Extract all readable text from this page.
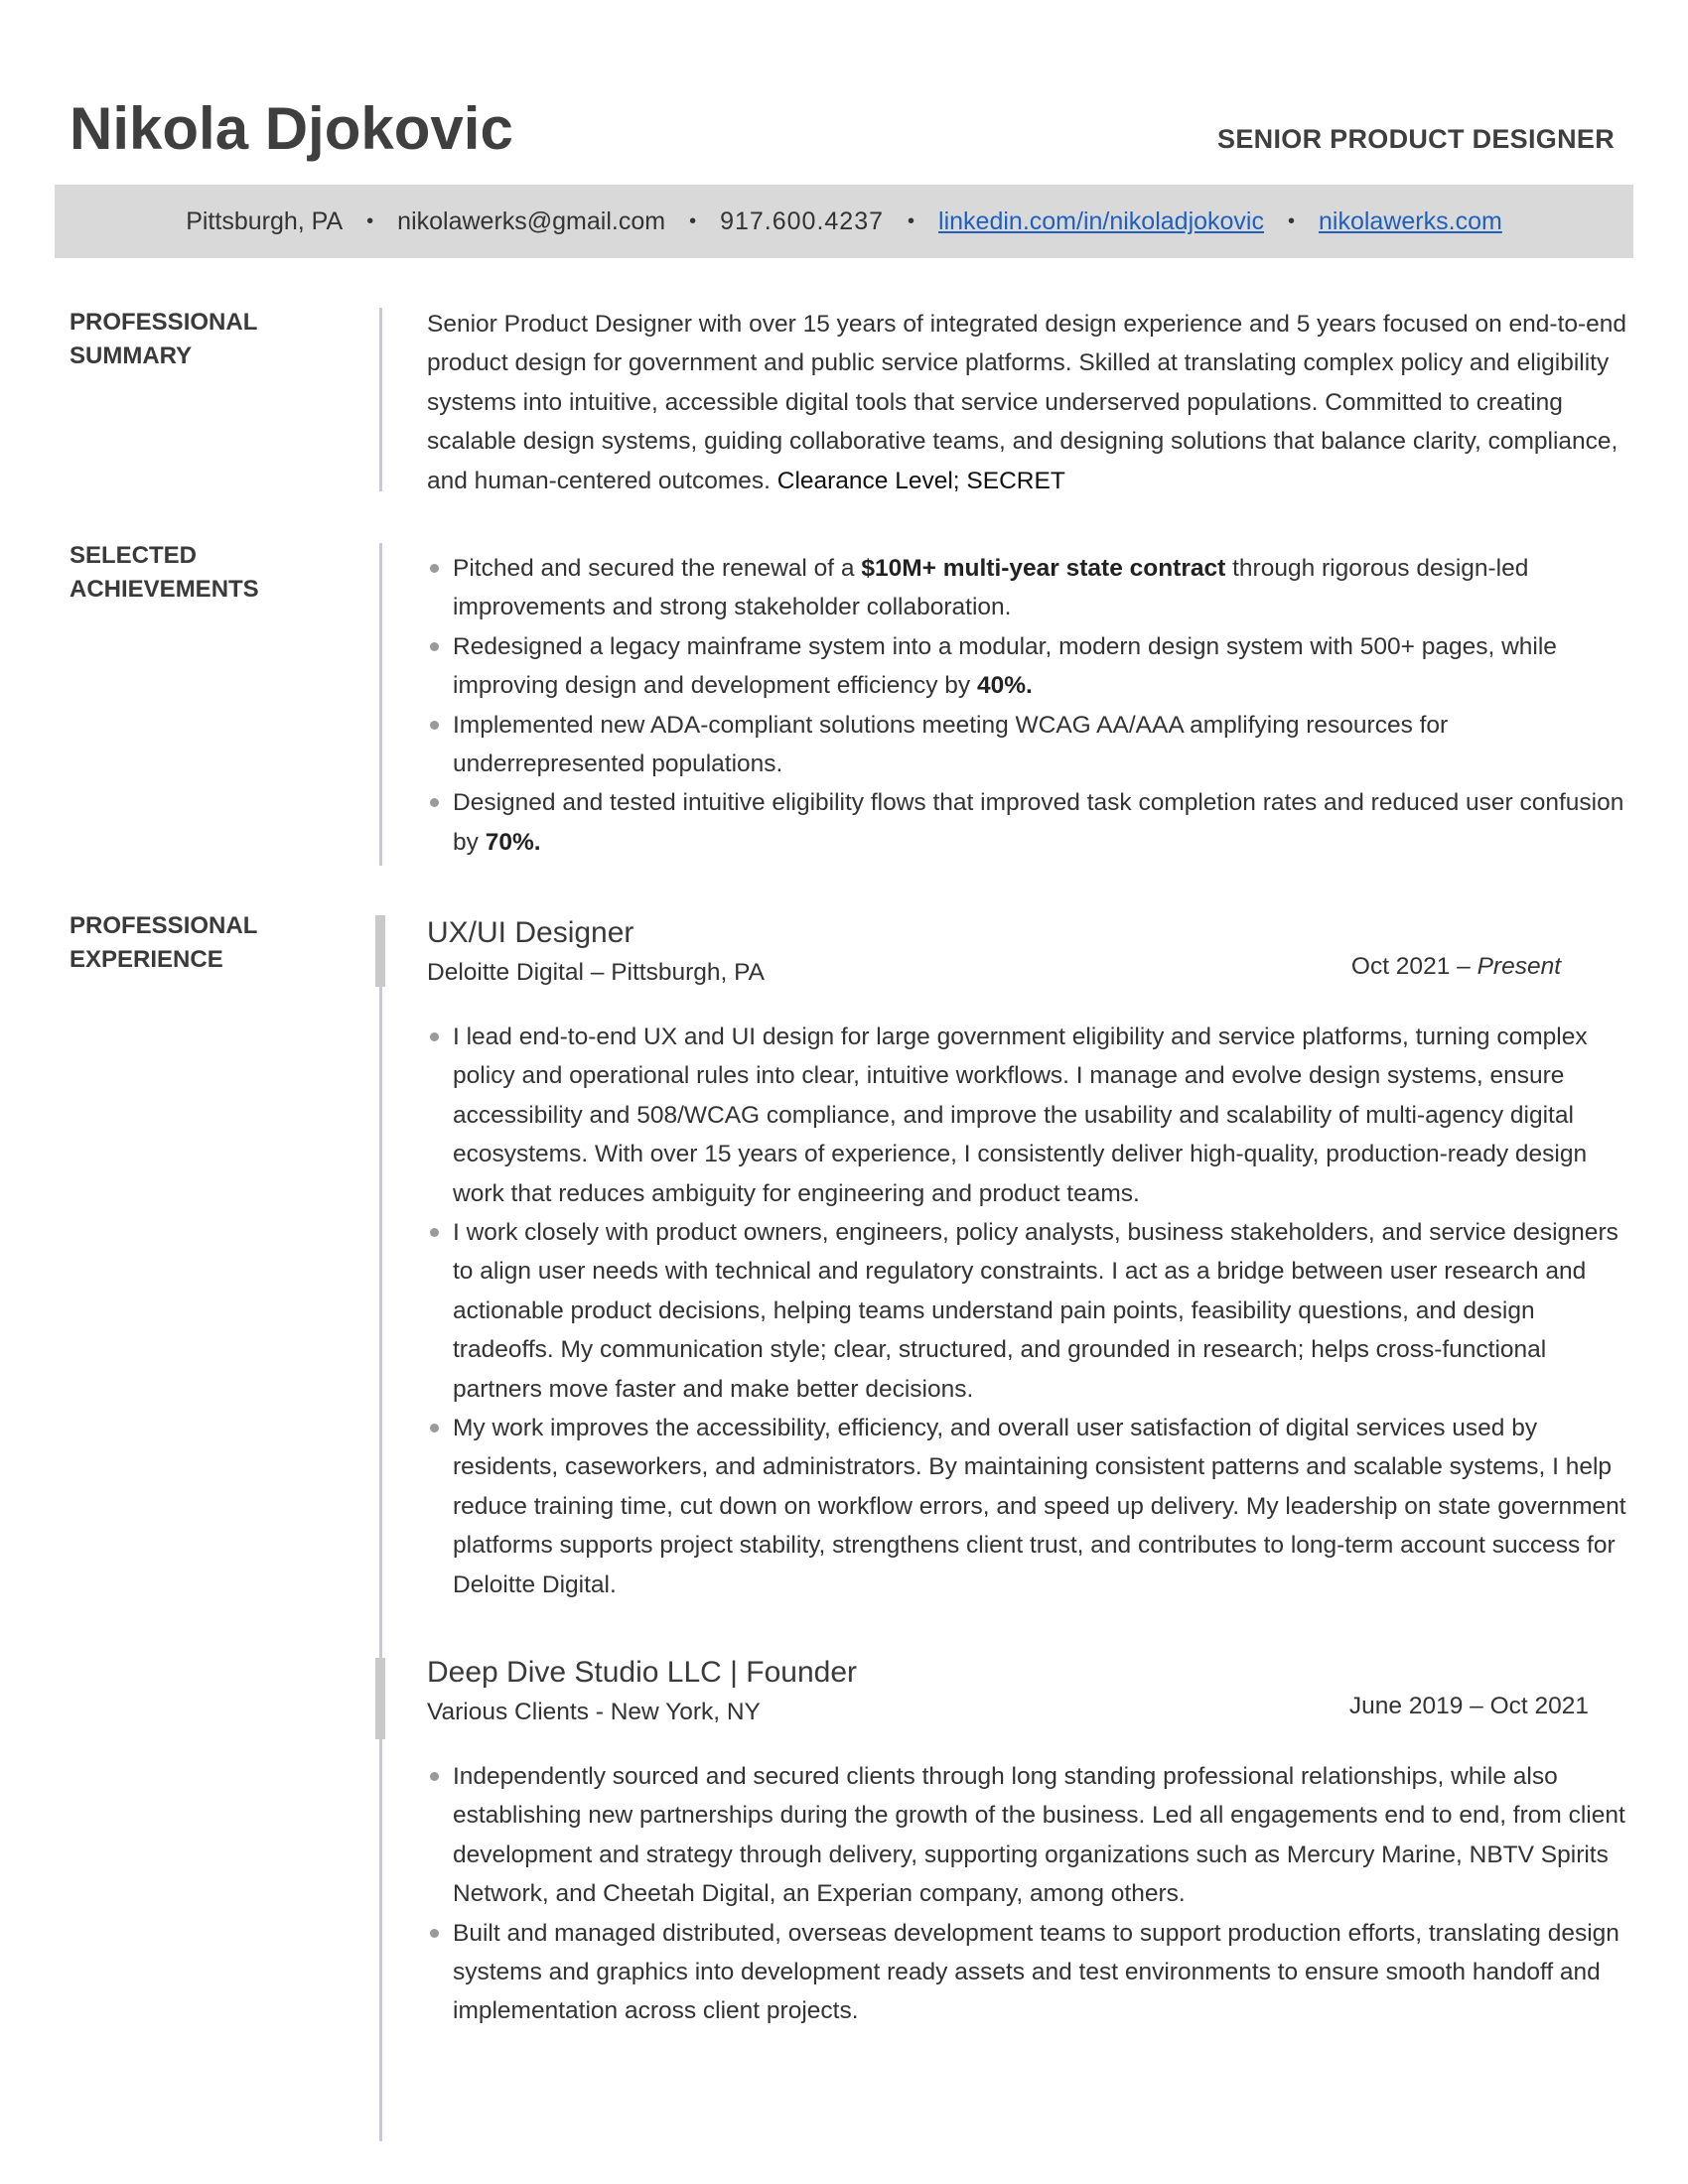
Nikola Djokovic	SENIOR PRODUCT DESIGNER
Pittsburgh, PA • nikolawerks@gmail.com • 917.600.4237 • linkedin.com/in/nikoladjokovic • nikolawerks.com
PROFESSIONAL
SUMMARY

Senior Product Designer with over 15 years of integrated design experience and 5 years focused on end-to-end product design for government and public service platforms. Skilled at translating complex policy and eligibility systems into intuitive, accessible digital tools that service underserved populations. Committed to creating scalable design systems, guiding collaborative teams, and designing solutions that balance clarity, compliance, and human-centered outcomes. Clearance Level; SECRET

SELECTED
ACHIEVEMENTS
Pitched and secured the renewal of a $10M+ multi-year state contract through rigorous design-led improvements and strong stakeholder collaboration.
Redesigned a legacy mainframe system into a modular, modern design system with 500+ pages, while improving design and development efficiency by 40%.
Implemented new ADA-compliant solutions meeting WCAG AA/AAA amplifying resources for underrepresented populations.
Designed and tested intuitive eligibility flows that improved task completion rates and reduced user confusion by 70%.
PROFESSIONAL
EXPERIENCE
UX/UI Designer
Deloitte Digital – Pittsburgh, PA	Oct 2021 – Present
I lead end-to-end UX and UI design for large government eligibility and service platforms, turning complex policy and operational rules into clear, intuitive workflows. I manage and evolve design systems, ensure accessibility and 508/WCAG compliance, and improve the usability and scalability of multi-agency digital ecosystems. With over 15 years of experience, I consistently deliver high-quality, production-ready design work that reduces ambiguity for engineering and product teams.
I work closely with product owners, engineers, policy analysts, business stakeholders, and service designers to align user needs with technical and regulatory constraints. I act as a bridge between user research and actionable product decisions, helping teams understand pain points, feasibility questions, and design tradeoffs. My communication style; clear, structured, and grounded in research; helps cross-functional partners move faster and make better decisions.
My work improves the accessibility, efficiency, and overall user satisfaction of digital services used by residents, caseworkers, and administrators. By maintaining consistent patterns and scalable systems, I help reduce training time, cut down on workflow errors, and speed up delivery. My leadership on state government platforms supports project stability, strengthens client trust, and contributes to long-term account success for Deloitte Digital.
Deep Dive Studio LLC | Founder
Various Clients - New York, NY	June 2019 – Oct 2021
Independently sourced and secured clients through long standing professional relationships, while also establishing new partnerships during the growth of the business. Led all engagements end to end, from client development and strategy through delivery, supporting organizations such as Mercury Marine, NBTV Spirits Network, and Cheetah Digital, an Experian company, among others.
Built and managed distributed, overseas development teams to support production efforts, translating design systems and graphics into development ready assets and test environments to ensure smooth handoff and implementation across client projects.
